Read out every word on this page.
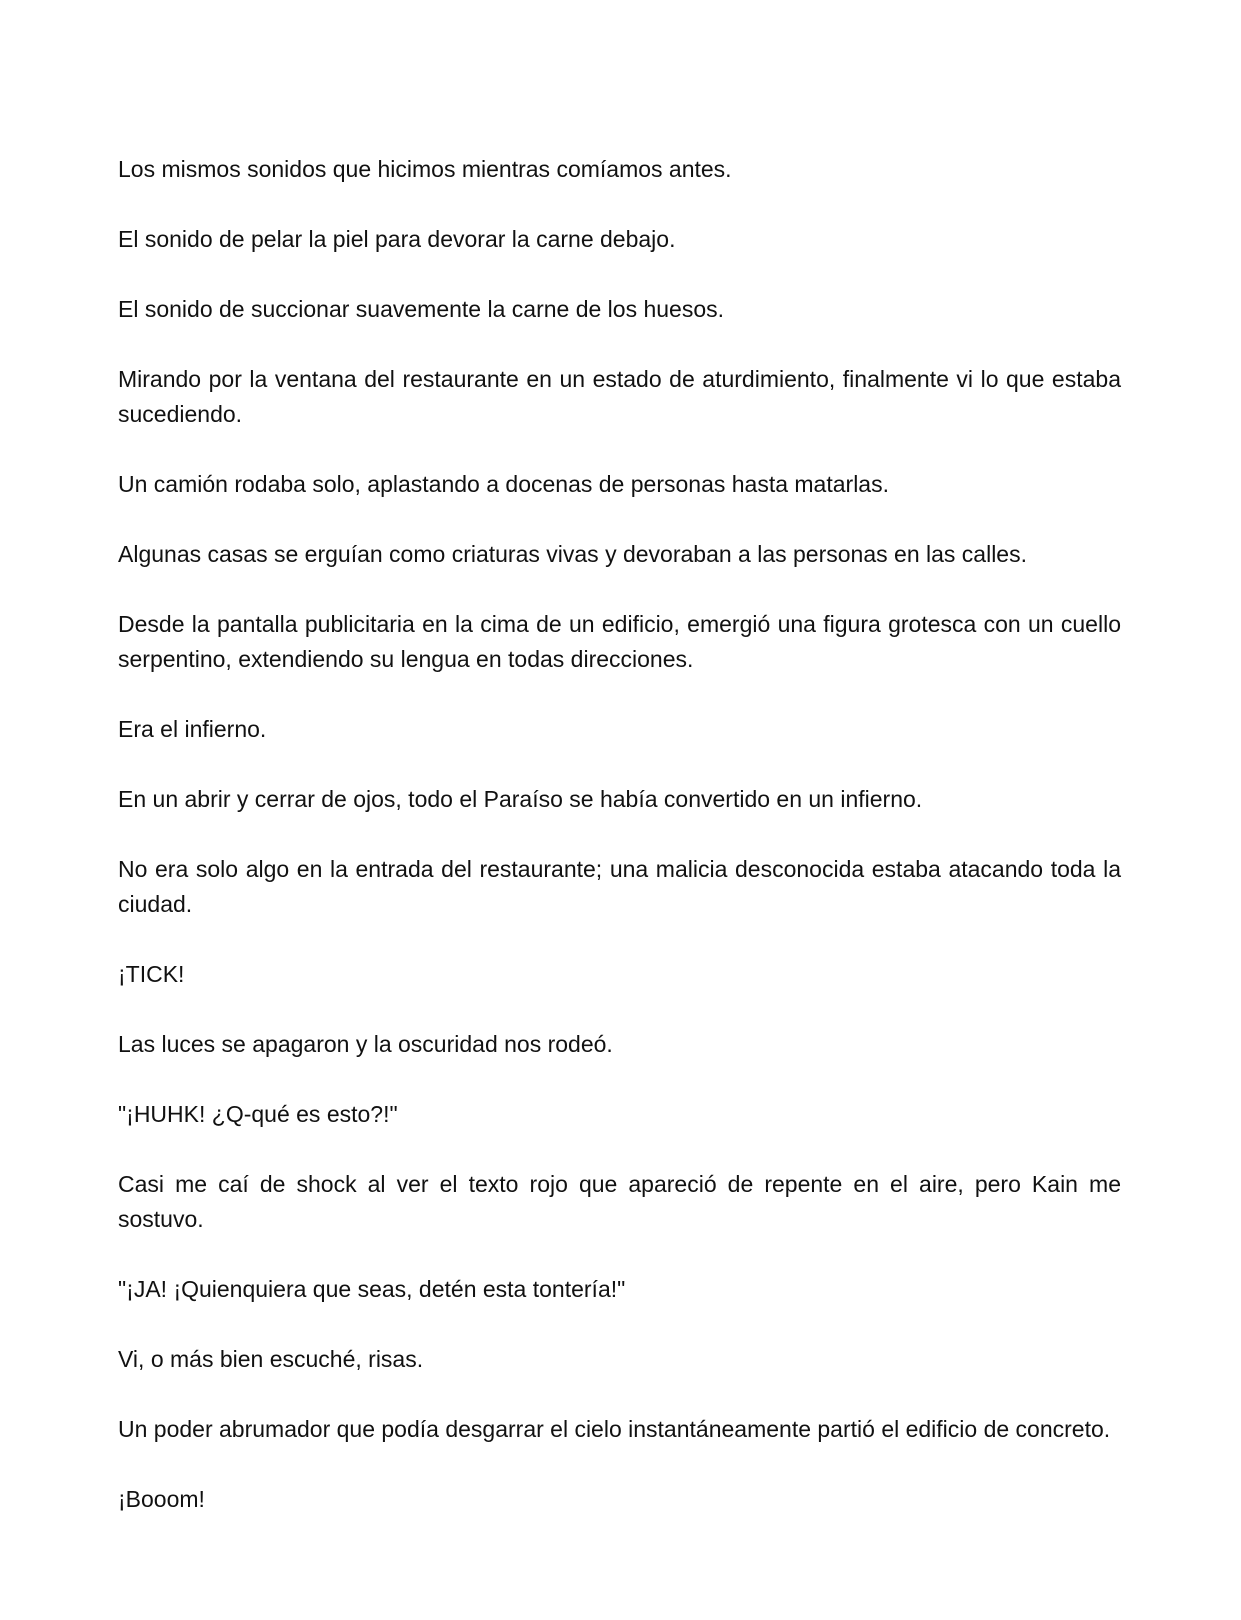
Los mismos sonidos que hicimos mientras comíamos antes.

El sonido de pelar la piel para devorar la carne debajo.

El sonido de succionar suavemente la carne de los huesos.

Mirando por la ventana del restaurante en un estado de aturdimiento, finalmente vi lo que estaba sucediendo.

Un camión rodaba solo, aplastando a docenas de personas hasta matarlas.

Algunas casas se erguían como criaturas vivas y devoraban a las personas en las calles.

Desde la pantalla publicitaria en la cima de un edificio, emergió una figura grotesca con un cuello serpentino, extendiendo su lengua en todas direcciones.

Era el infierno.

En un abrir y cerrar de ojos, todo el Paraíso se había convertido en un infierno.

No era solo algo en la entrada del restaurante; una malicia desconocida estaba atacando toda la ciudad.

¡TICK!

Las luces se apagaron y la oscuridad nos rodeó.

"¡HUHK! ¿Q-qué es esto?!"

Casi me caí de shock al ver el texto rojo que apareció de repente en el aire, pero Kain me sostuvo.

"¡JA! ¡Quienquiera que seas, detén esta tontería!"

Vi, o más bien escuché, risas.

Un poder abrumador que podía desgarrar el cielo instantáneamente partió el edificio de concreto.

¡Booom!
